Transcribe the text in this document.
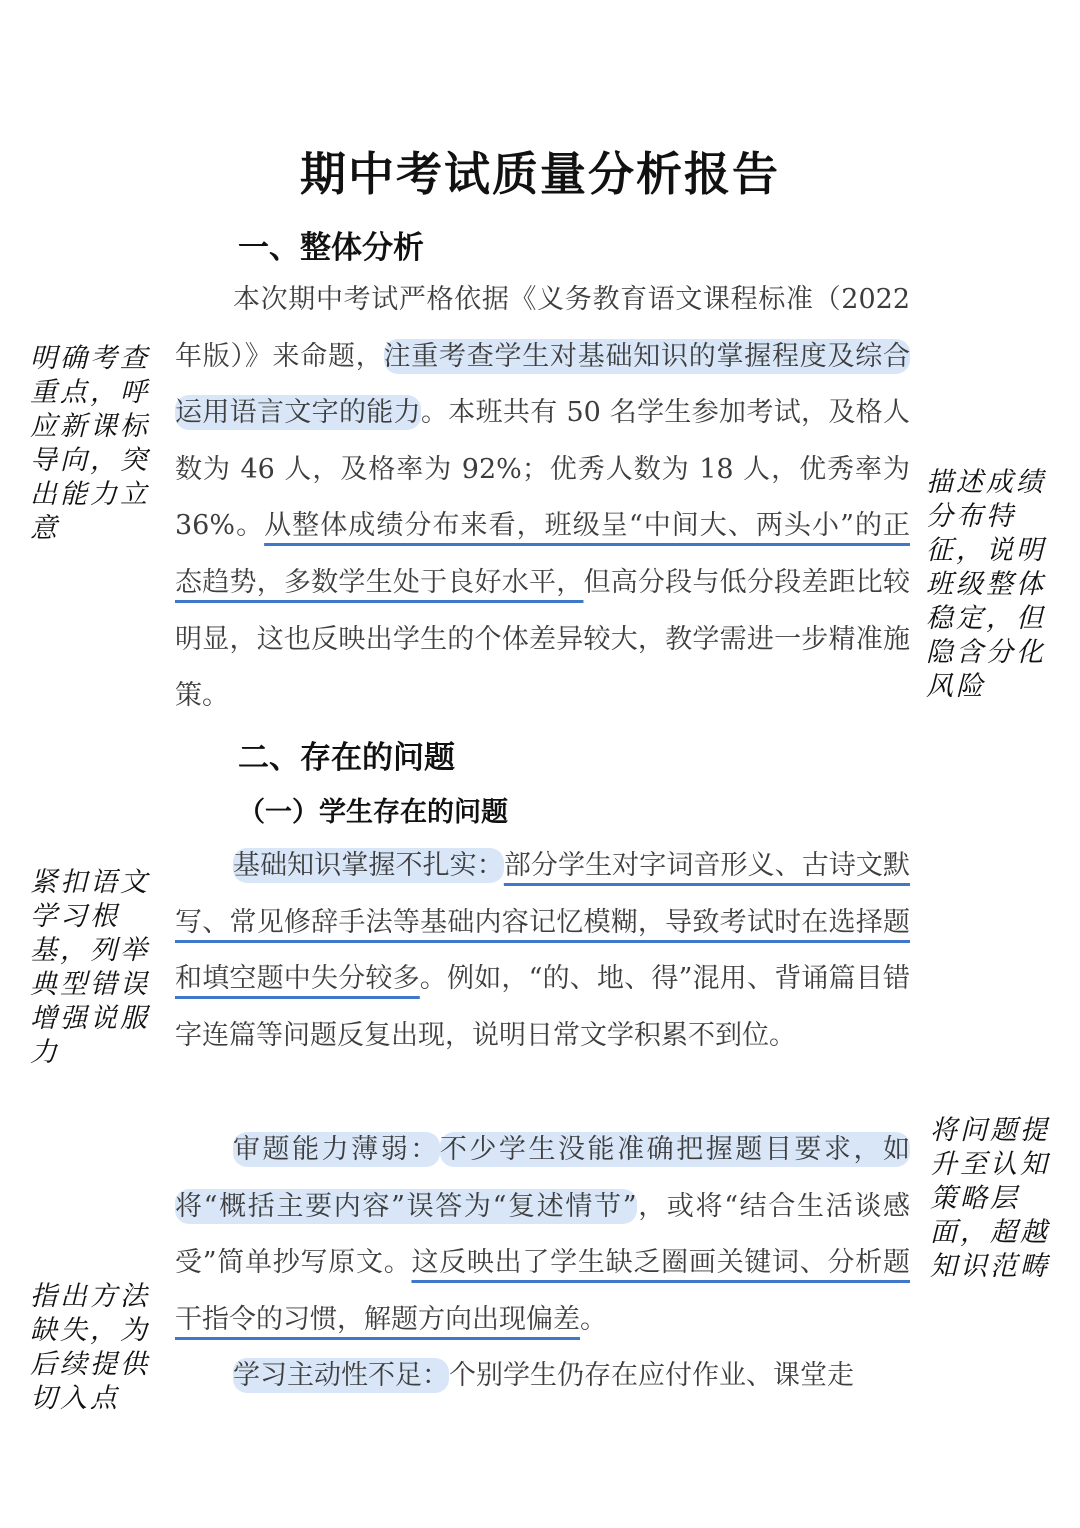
期中考试质量分析报告
一、整体分析
本次期中考试严格依据《义务教育语文课程标准（2022年版）》来命题，注重考查学生对基础知识的掌握程度及综合运用语言文字的能力。本班共有 50 名学生参加考试，及格人数为 46 人，及格率为 92%；优秀人数为 18 人，优秀率为 36%。从整体成绩分布来看，班级呈“中间大、两头小”的正态趋势，多数学生处于良好水平，但高分段与低分段差距比较明显，这也反映出学生的个体差异较大，教学需进一步精准施策。
二、存在的问题
（一）学生存在的问题
基础知识掌握不扎实：部分学生对字词音形义、古诗文默写、常见修辞手法等基础内容记忆模糊，导致考试时在选择题和填空题中失分较多。例如，“的、地、得”混用、背诵篇目错字连篇等问题反复出现，说明日常文学积累不到位。
审题能力薄弱：不少学生没能准确把握题目要求，如将“概括主要内容”误答为“复述情节”，或将“结合生活谈感受”简单抄写原文。这反映出了学生缺乏圈画关键词、分析题干指令的习惯，解题方向出现偏差。
学习主动性不足：个别学生仍存在应付作业、课堂走
明确考查重点，呼应新课标导向，突出能力立意
描述成绩分布特征，说明班级整体稳定，但隐含分化风险
紧扣语文学习根基，列举典型错误增强说服力
将问题提升至认知策略层面，超越知识范畴
指出方法缺失，为后续提供切入点
